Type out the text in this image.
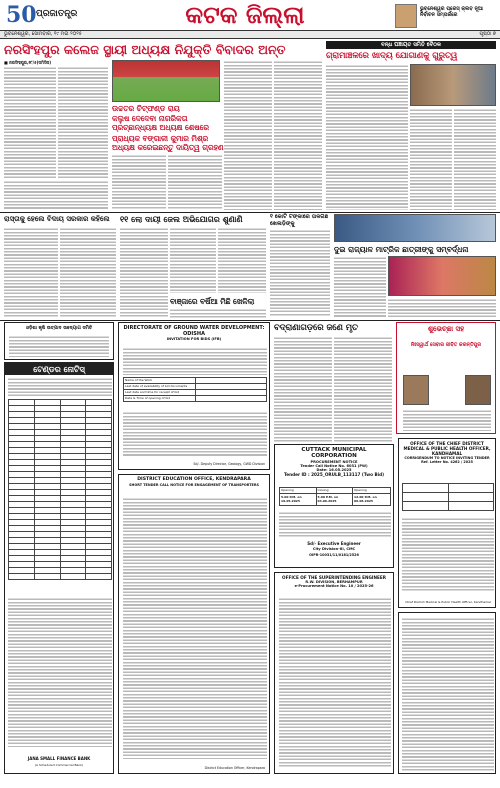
50 ପ୍ରଜାତନ୍ତ୍ର	କଟକ ଜିଲ୍ଲା	ଭୁବନେଶ୍ୱର ପ୍ରେସ୍ କ୍ଲବ ନୂଆ ନିର୍ବାଚନ ସମ୍ପର୍କରେ
ଭୁବନେଶ୍ୱର, ସୋମବାର, ୧୯ ମଇ ୨୦୨୫	ପୃଷ୍ଠା ୭
ନରସିଂହପୁର କଲେଜ ସ୍ଥାୟୀ ଅଧ୍ୟକ୍ଷ ନିଯୁକ୍ତି ବିବାଦର ଅନ୍ତ
■ ନରସିଂହପୁର,୧୮/୫(ସମିସିସ)
ଉଚ୍ଚତର ଚିଟ୍‌ଫଣ୍ଡ ରାୟ
କଲୁଷ ଦେଦେବା ନାଗରିକତା ପ୍ରଚ୍ଛାନ୍ଧ୍ୟକ୍ଷ ଅଧ୍ୟକ୍ଷ ଶେଷରେ
ପ୍ରାଧ୍ୟକ ବଙ୍ଗାଳୀ କୁମାର ମିଶ୍ର ଅଧ୍ୟକ୍ଷ କରେଇଛନ୍ତୁ ଦାୟିତ୍ୱ ଗ୍ରହଣ
ବନ୍ଧ ପଞ୍ଚାୟତ ସମିତି ବୈଠକ
ଗ୍ରାମାଞ୍ଚଳରେ ଖାଦ୍ୟ ଯୋଗାଣକୁ ଗୁରୁତ୍ୱ
ରାସ୍ତାକୁ ହେଲେ ବିଦାୟ ସରକାର କହିଲେ	୧୧ ଲୋ ଦାୟୀ ଜେଲ ଅଭିଯୋଗର ଶୁଣାଣି
ବାଞ୍ଜାରେ ବର୍ଷିଆ ମିଛି ଖେଳିଲା
୧ କୋଟି ଟଙ୍କାରେ ତାଳଗଛ ଖେଳାଡ଼ିଙ୍କୁ
ଦୁଇ ରାଜ୍ୟାଳ ମାଟ୍ରିକ ଛାତ୍ରୀଙ୍କୁ ସମ୍ବର୍ଦ୍ଧନା
ଓଡ଼ିଶା କୃଷି ଉତ୍ପାଦ ଉଦ୍ୟୋଗ ସମିତି
ଟେଣ୍ଡର ନୋଟିସ୍

JANA SMALL FINANCE BANK
(A Scheduled Commercial Bank)
DIRECTORATE OF GROUND WATER DEVELOPMENT: ODISHA
INVITATION FOR BIDS (IFB)
Name of the Work	
Last date of availability of bid documents	
Last date and time for receipt of bid	
Date & Time of opening of bid	
Sd/- Deputy Director, Geology, GWD Division
DISTRICT EDUCATION OFFICE, KENDRAPARA
SHORT TENDER CALL NOTICE FOR ENGAGEMENT OF TRANSPORTERS
District Education Officer, Kendrapara
ବଦ୍ରାଣାଗଡ଼ରେ ଜଣେ ମୃତ	ଶୁଭେଚ୍ଛା ସହ
ନିଃସ୍ୱାର୍ଥ ସେବାର ଜୀବିତ କରନ୍ତିପୁର
CUTTACK MUNICIPAL CORPORATION
PROCUREMENT NOTICE
Tender Call Notice No. 6031 (PW)
Date: 16.05.2025
Tender ID : 2025_ORULB_113117 (Two Bid)
Opening	Closing	Opening
5.00 P.M. on 19.05.2025	5.00 P.M. on 04.06.2025	12.00 P.M. on 06.06.2025
Sd/- Executive Engineer
City Division-III, CMC
OIPR-10031/11/0181/2526
OFFICE OF THE SUPERINTENDING ENGINEER
R.W. DIVISION, BERHAMPUR
e-Procurement Notice No. 10 / 2025-26
OFFICE OF THE CHIEF DISTRICT MEDICAL & PUBLIC HEALTH OFFICER, KANDHAMAL
CORRIGENDUM TO NOTICE INVITING TENDER
Ref. Letter No. 4262 / 2025

Chief District Medical & Public Health Officer, Kandhamal
